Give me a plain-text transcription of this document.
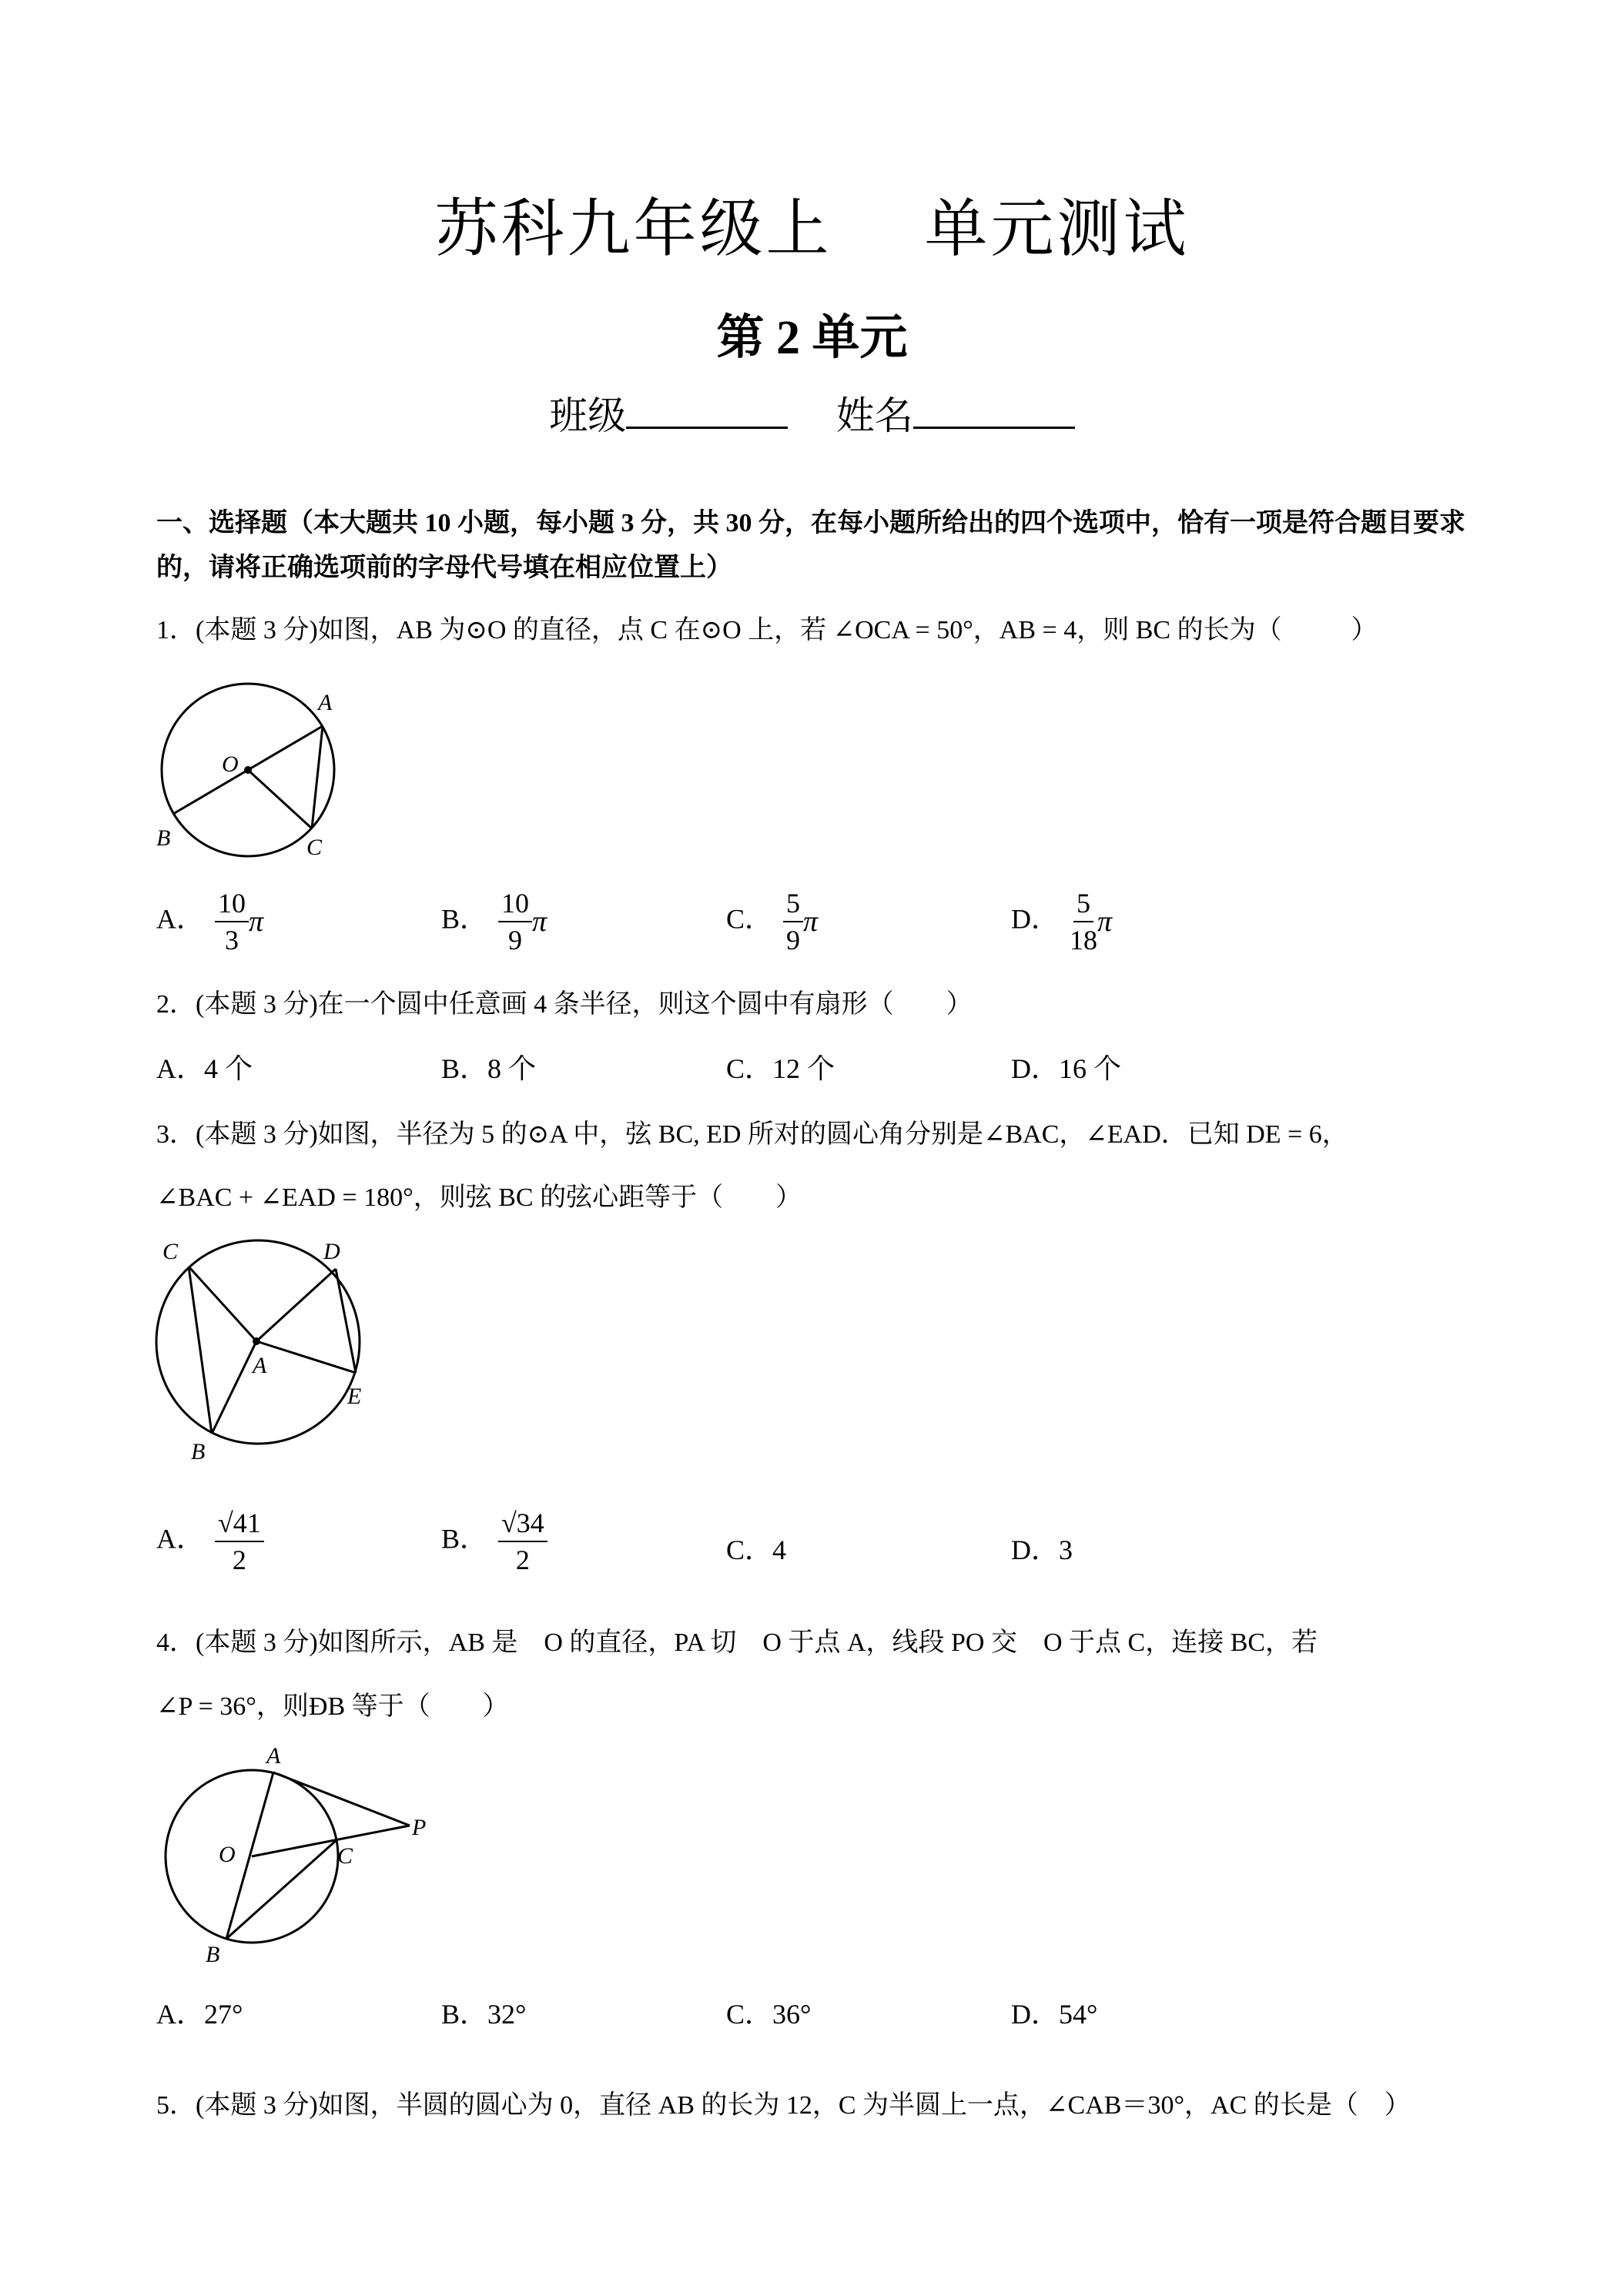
苏科九年级上 单元测试
第 2 单元
班级	姓名
一、选择题（本大题共 10 小题，每小题 3 分，共 30 分，在每小题所给出的四个选项中，恰有一项是符合题目要求的，请将正确选项前的字母代号填在相应位置上）
1．(本题 3 分)如图，AB 为⊙O 的直径，点 C 在⊙O 上，若 ∠OCA = 50°，AB = 4，则 BC 的长为（	）
A
O
B	C
A． $\frac{10}{3}$ π	B． $\frac{10}{9}$ π	C． $\frac{5}{9}$ π	D． $\frac{5}{18}$ π
2．(本题 3 分)在一个圆中任意画 4 条半径，则这个圆中有扇形（　　）
A．4 个	B．8 个	C．12 个	D．16 个
3．(本题 3 分)如图，半径为 5 的⊙A 中，弦 BC, ED 所对的圆心角分别是∠BAC，∠EAD．已知 DE = 6，
∠BAC + ∠EAD = 180°，则弦 BC 的弦心距等于（　　）
C	D
A
E
B
A． $\frac{√41}{2}$	B． $\frac{√34}{2}$	C．4	D．3
4．(本题 3 分)如图所示，AB 是　O 的直径，PA 切　O 于点 A，线段 PO 交　O 于点 C，连接 BC，若
∠P = 36°，则ÐB 等于（　　）
A
P
O	C
B
A．27°	B．32°	C．36°	D．54°
5．(本题 3 分)如图，半圆的圆心为 0，直径 AB 的长为 12，C 为半圆上一点，∠CAB＝30°，AC 的长是（　）
